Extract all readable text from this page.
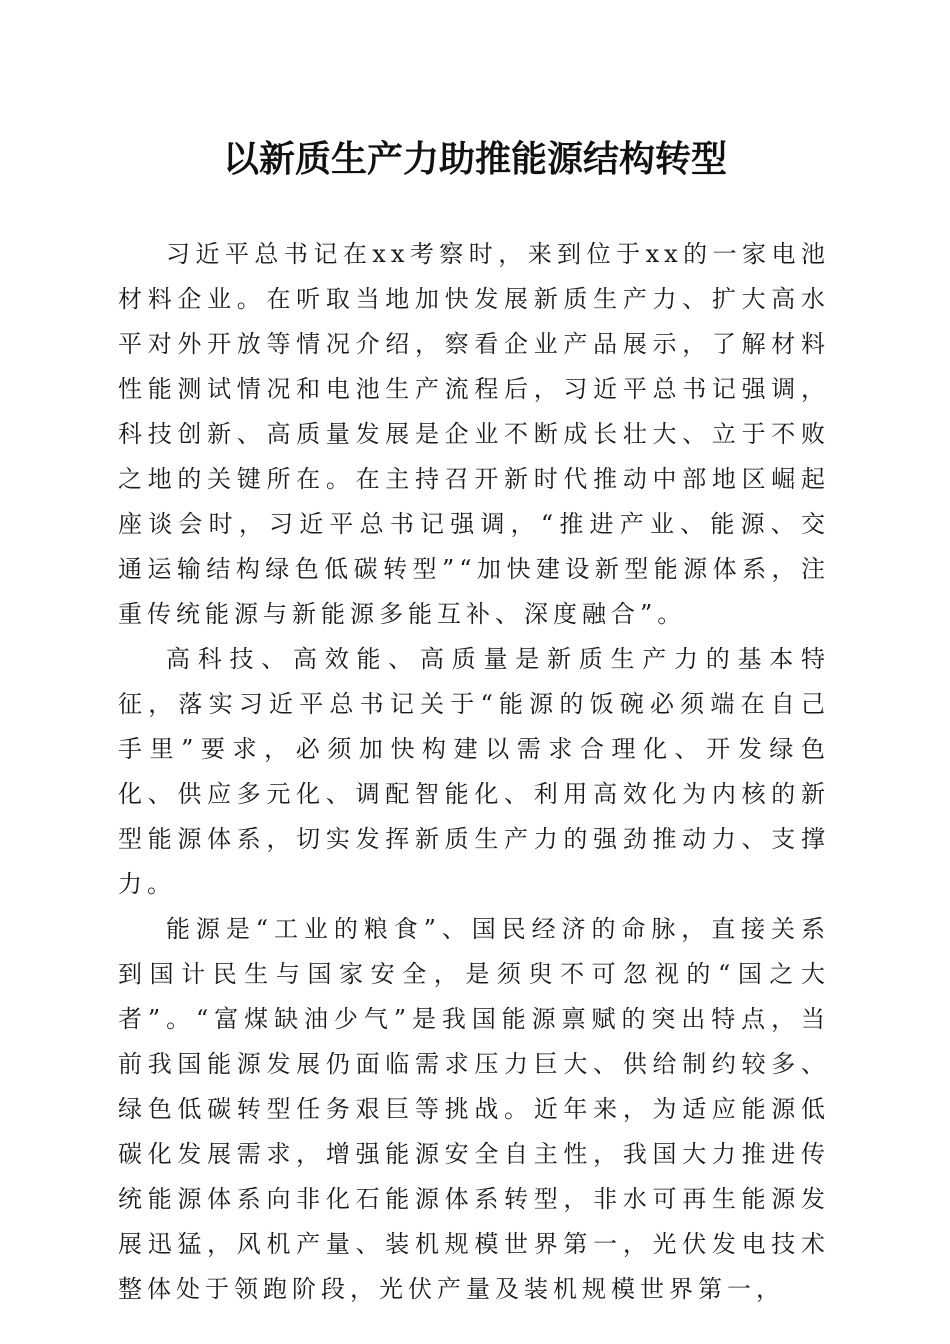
以新质生产力助推能源结构转型

习近平总书记在xx考察时，来到位于xx的一家电池材料企业。在听取当地加快发展新质生产力、扩大高水平对外开放等情况介绍，察看企业产品展示，了解材料性能测试情况和电池生产流程后，习近平总书记强调，科技创新、高质量发展是企业不断成长壮大、立于不败之地的关键所在。在主持召开新时代推动中部地区崛起座谈会时，习近平总书记强调，“推进产业、能源、交通运输结构绿色低碳转型”“加快建设新型能源体系，注重传统能源与新能源多能互补、深度融合”。

高科技、高效能、高质量是新质生产力的基本特征，落实习近平总书记关于“能源的饭碗必须端在自己手里”要求，必须加快构建以需求合理化、开发绿色化、供应多元化、调配智能化、利用高效化为内核的新型能源体系，切实发挥新质生产力的强劲推动力、支撑力。

能源是“工业的粮食”、国民经济的命脉，直接关系到国计民生与国家安全，是须臾不可忽视的“国之大者”。“富煤缺油少气”是我国能源禀赋的突出特点，当前我国能源发展仍面临需求压力巨大、供给制约较多、绿色低碳转型任务艰巨等挑战。近年来，为适应能源低碳化发展需求，增强能源安全自主性，我国大力推进传统能源体系向非化石能源体系转型，非水可再生能源发展迅猛，风机产量、装机规模世界第一，光伏发电技术整体处于领跑阶段，光伏产量及装机规模世界第一，
